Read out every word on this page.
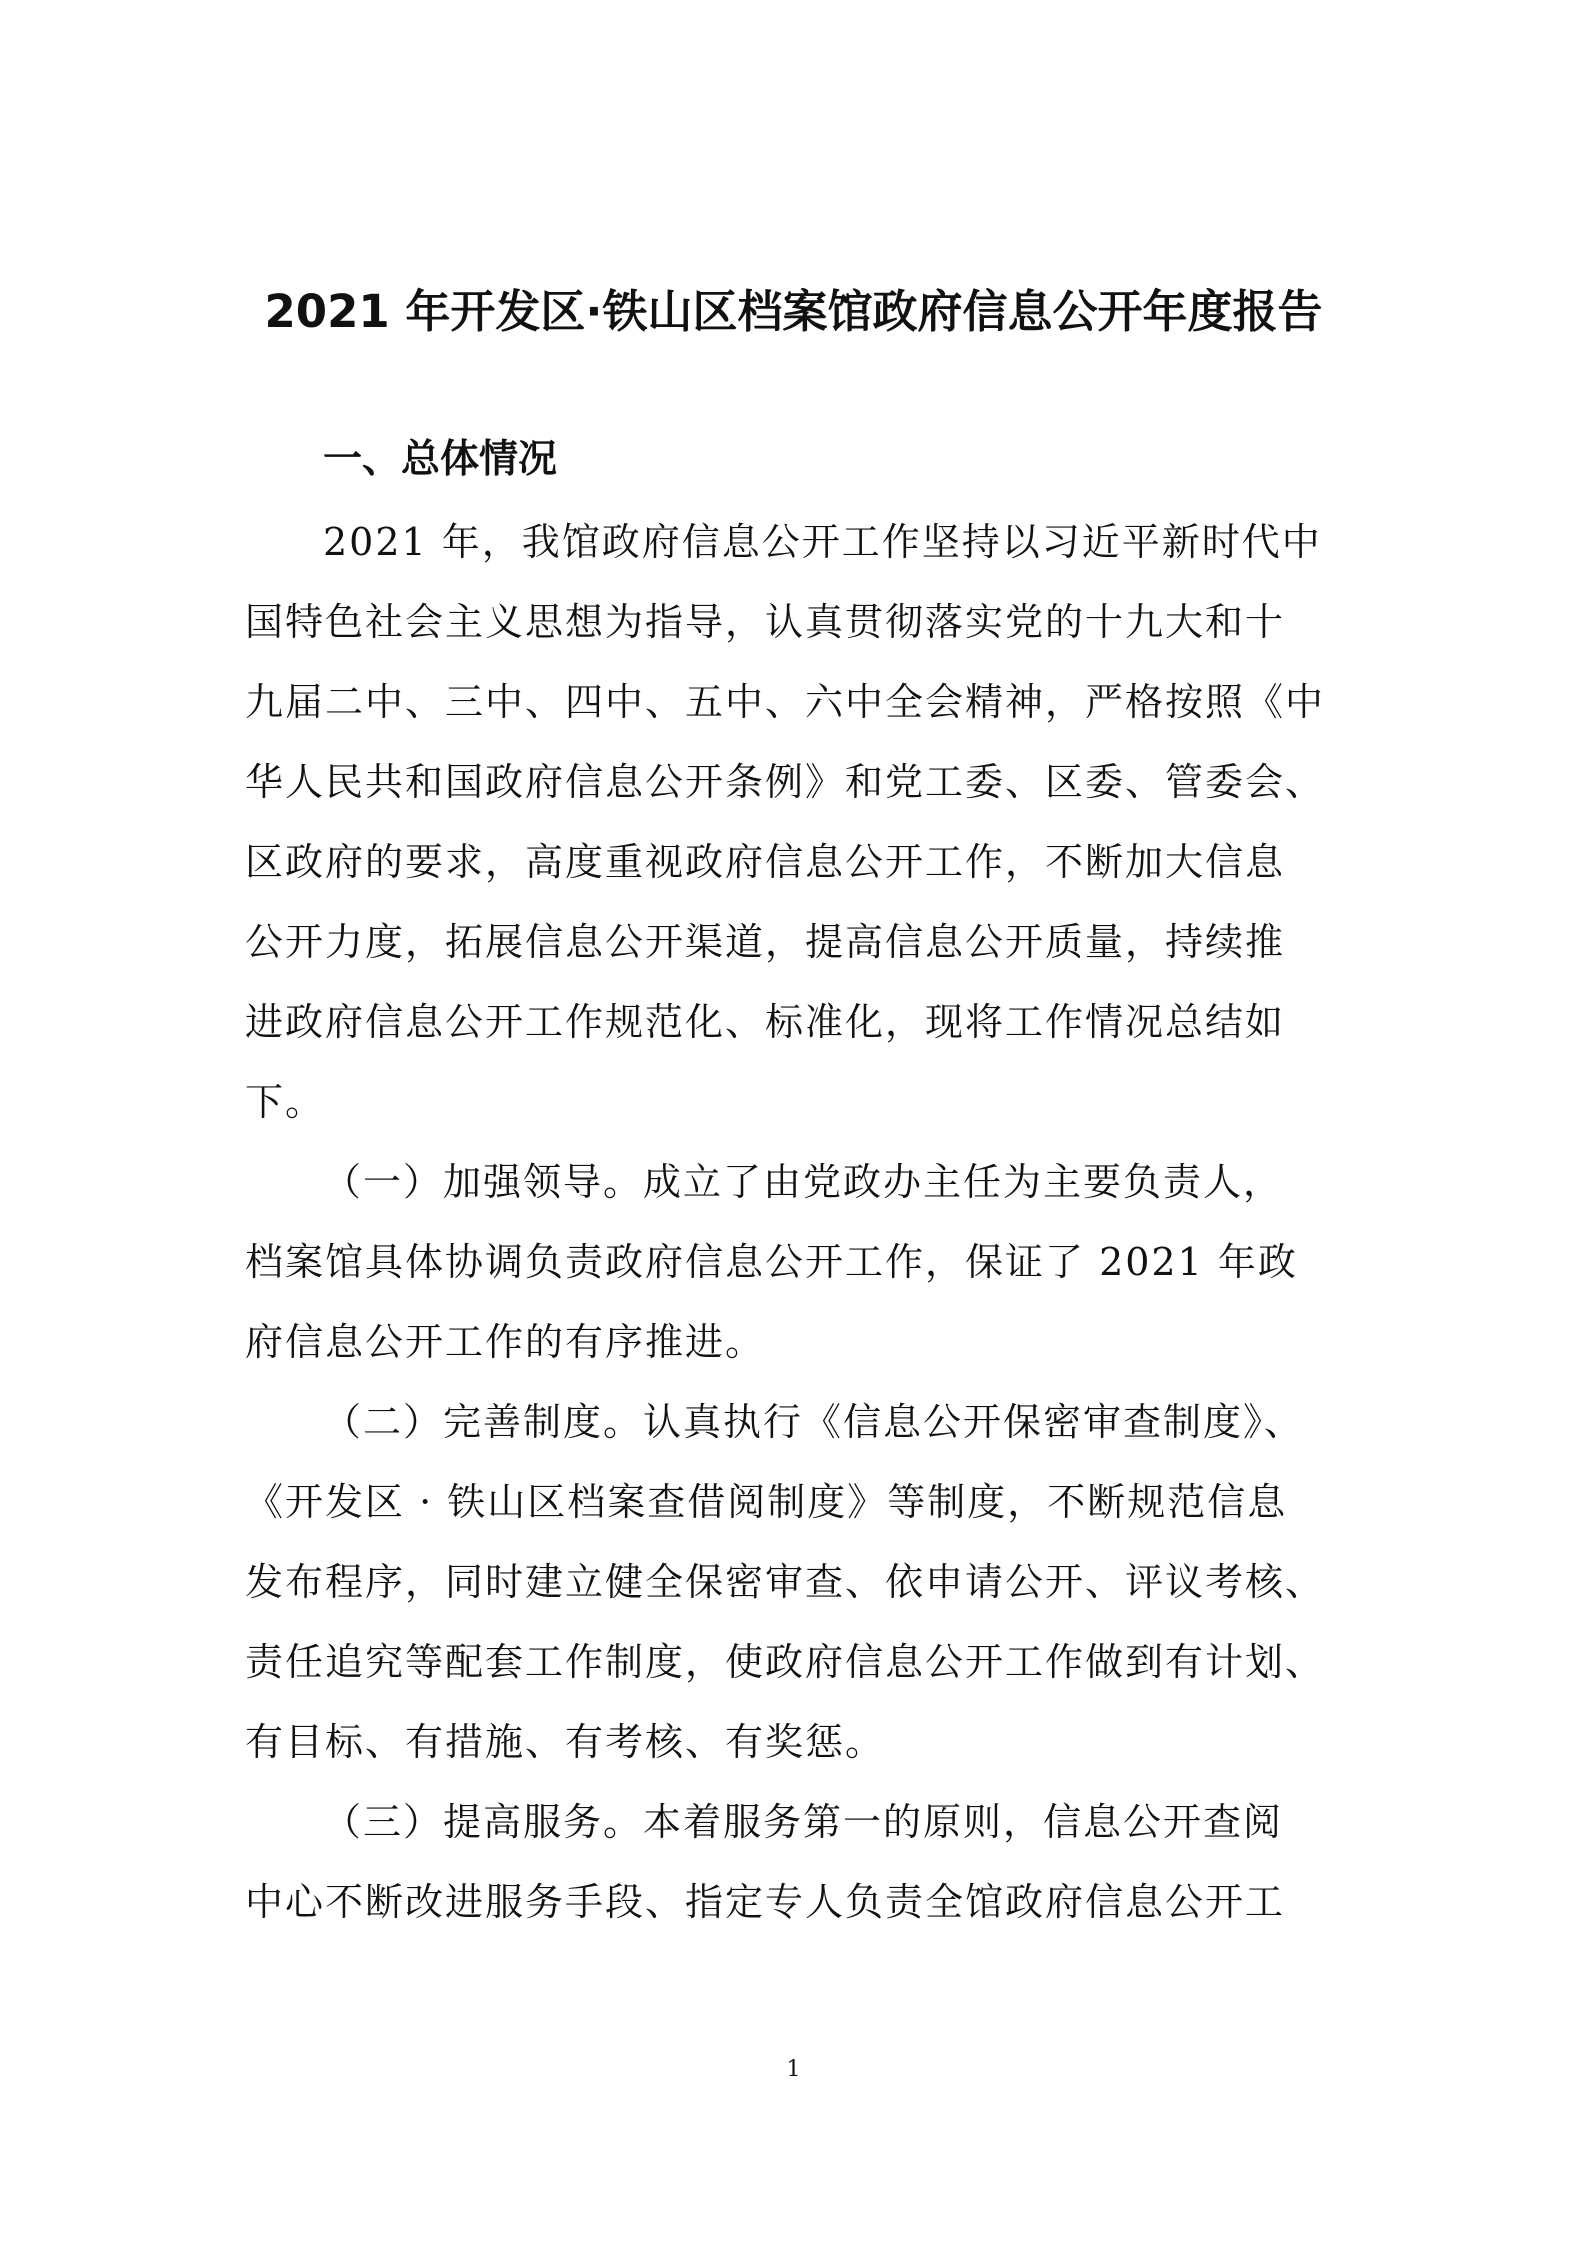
2021 年开发区·铁山区档案馆政府信息公开年度报告
一、总体情况
2021 年，我馆政府信息公开工作坚持以习近平新时代中
国特色社会主义思想为指导，认真贯彻落实党的十九大和十
九届二中、三中、四中、五中、六中全会精神，严格按照《中
华人民共和国政府信息公开条例》和党工委、区委、管委会、
区政府的要求，高度重视政府信息公开工作，不断加大信息
公开力度，拓展信息公开渠道，提高信息公开质量，持续推
进政府信息公开工作规范化、标准化，现将工作情况总结如
下。
（一）加强领导。成立了由党政办主任为主要负责人，
档案馆具体协调负责政府信息公开工作，保证了 2021 年政
府信息公开工作的有序推进。
（二）完善制度。认真执行《信息公开保密审查制度》、
《开发区 · 铁山区档案查借阅制度》等制度，不断规范信息
发布程序，同时建立健全保密审查、依申请公开、评议考核、
责任追究等配套工作制度，使政府信息公开工作做到有计划、
有目标、有措施、有考核、有奖惩。
（三）提高服务。本着服务第一的原则，信息公开查阅
中心不断改进服务手段、指定专人负责全馆政府信息公开工
1
